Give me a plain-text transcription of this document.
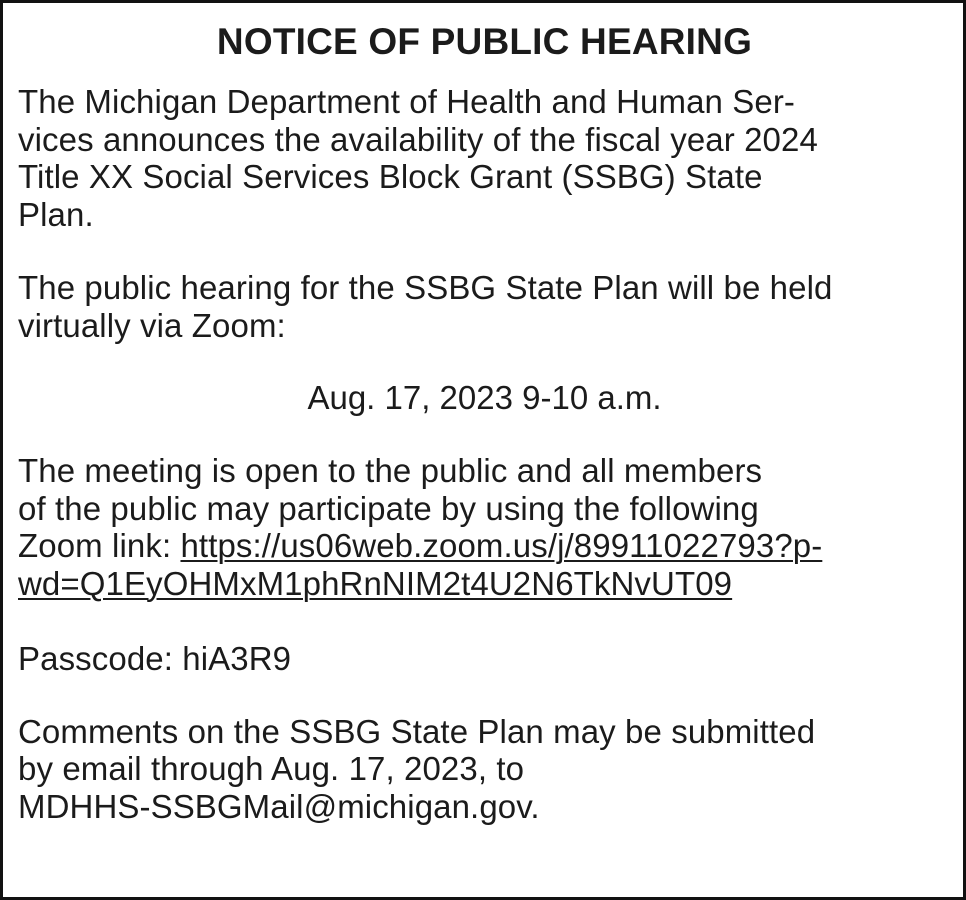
NOTICE OF PUBLIC HEARING

The Michigan Department of Health and Human Ser-
vices announces the availability of the fiscal year 2024
Title XX Social Services Block Grant (SSBG) State
Plan.

The public hearing for the SSBG State Plan will be held
virtually via Zoom:

Aug. 17, 2023 9-10 a.m.

The meeting is open to the public and all members
of the public may participate by using the following
Zoom link: https://us06web.zoom.us/j/89911022793?p-
wd=Q1EyOHMxM1phRnNIM2t4U2N6TkNvUT09

Passcode: hiA3R9

Comments on the SSBG State Plan may be submitted
by email through Aug. 17, 2023, to
MDHHS-SSBGMail@michigan.gov.
